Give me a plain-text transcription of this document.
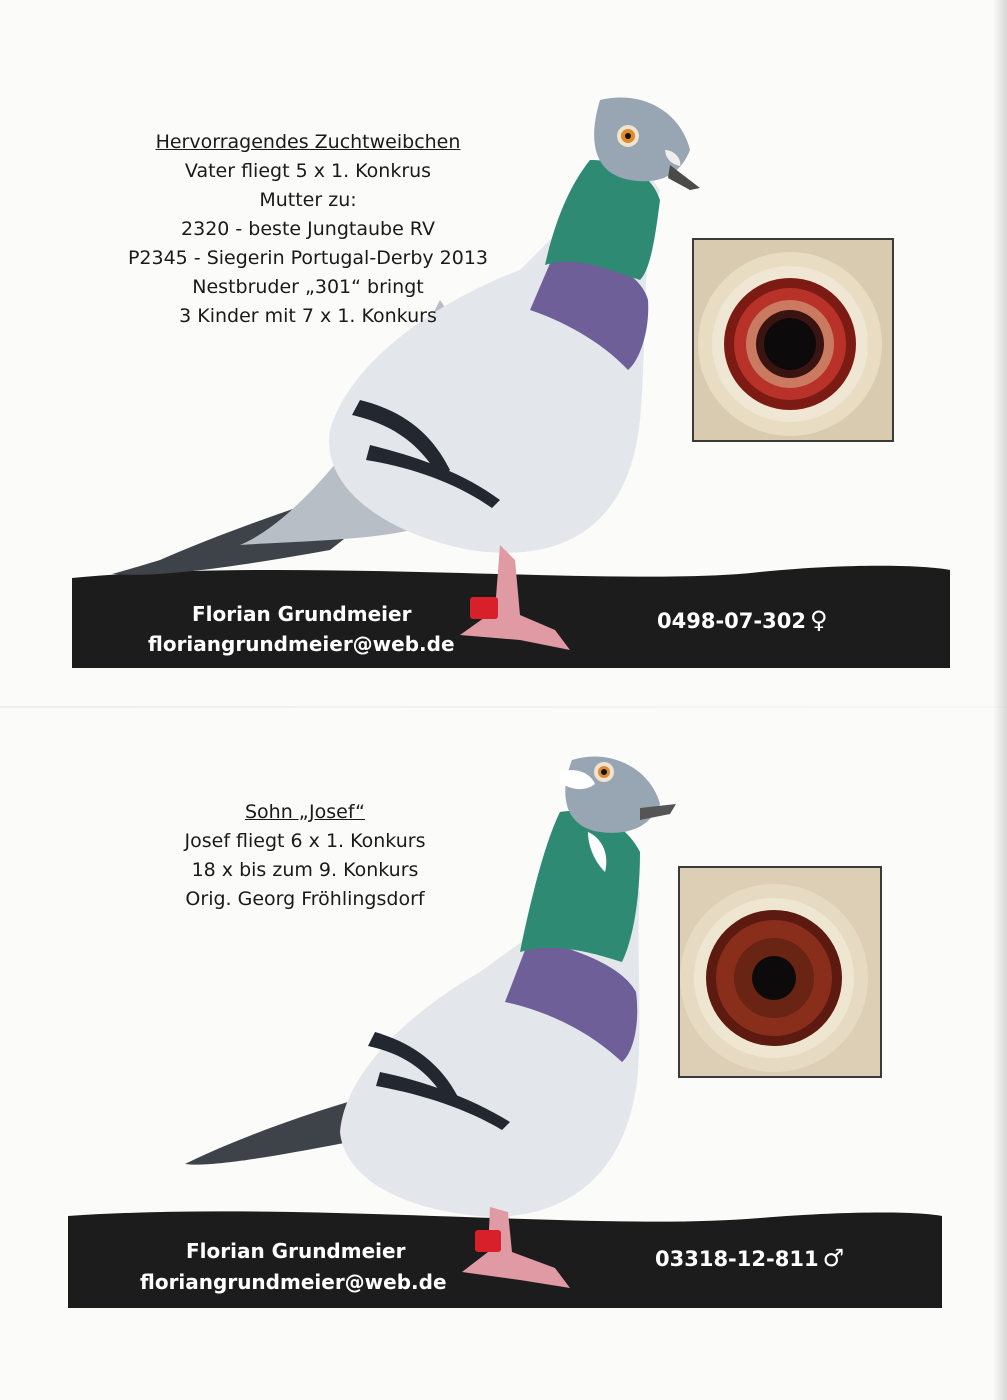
Hervorragendes Zuchtweibchen
Vater fliegt 5 x 1. Konkrus
Mutter zu:
2320 - beste Jungtaube RV
P2345 - Siegerin Portugal-Derby 2013
Nestbruder „301“ bringt
3 Kinder mit 7 x 1. Konkurs
Florian Grundmeier
floriangrundmeier@web.de
0498-07-302 ♀
Sohn „Josef“
Josef fliegt 6 x 1. Konkurs
18 x bis zum 9. Konkurs
Orig. Georg Fröhlingsdorf
Florian Grundmeier
floriangrundmeier@web.de
03318-12-811 ♂
